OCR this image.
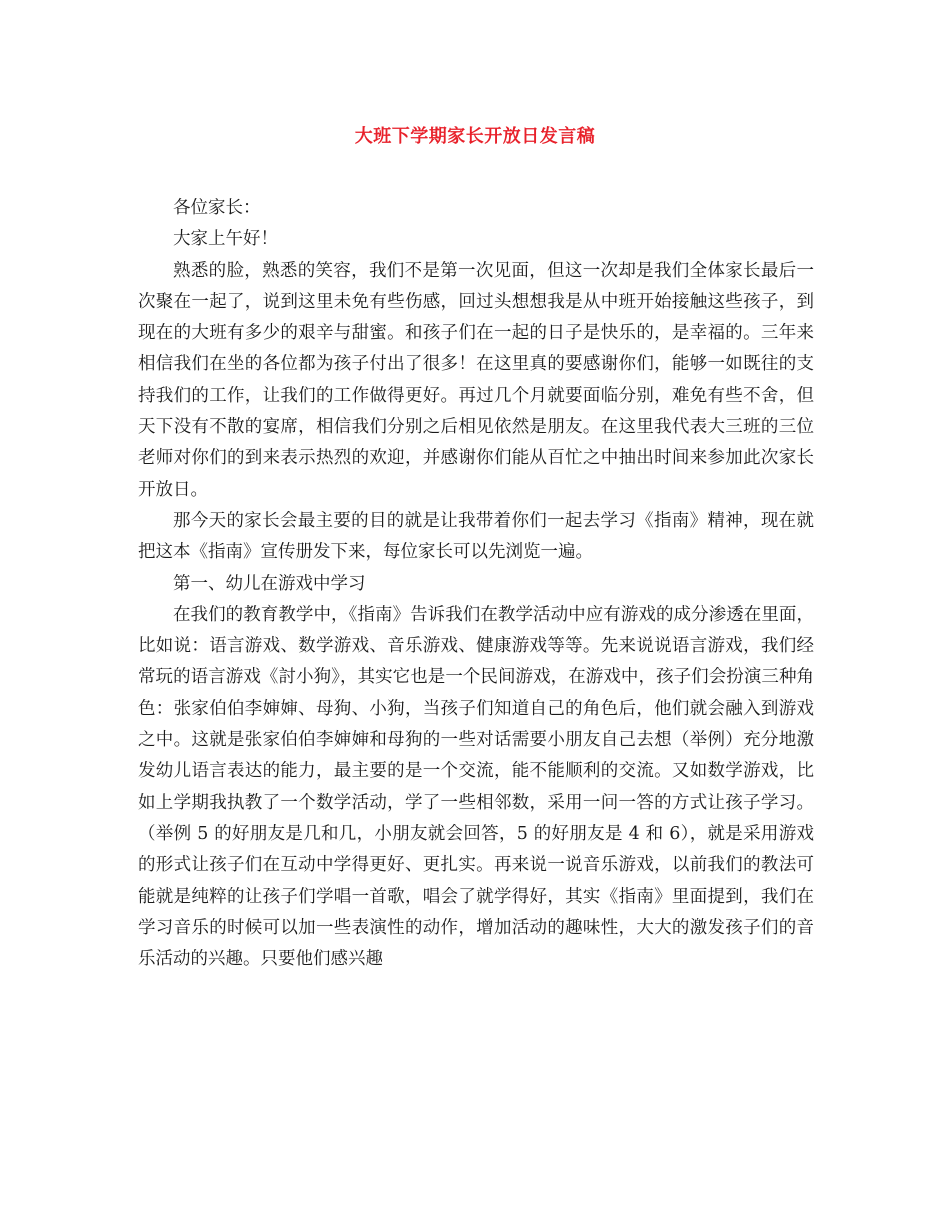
大班下学期家长开放日发言稿

各位家长：

大家上午好！

熟悉的脸，熟悉的笑容，我们不是第一次见面，但这一次却是我们全体家长最后一次聚在一起了，说到这里未免有些伤感，回过头想想我是从中班开始接触这些孩子，到现在的大班有多少的艰辛与甜蜜。和孩子们在一起的日子是快乐的，是幸福的。三年来相信我们在坐的各位都为孩子付出了很多！在这里真的要感谢你们，能够一如既往的支持我们的工作，让我们的工作做得更好。再过几个月就要面临分别，难免有些不舍，但天下没有不散的宴席，相信我们分别之后相见依然是朋友。在这里我代表大三班的三位老师对你们的到来表示热烈的欢迎，并感谢你们能从百忙之中抽出时间来参加此次家长开放日。

那今天的家长会最主要的目的就是让我带着你们一起去学习《指南》精神，现在就把这本《指南》宣传册发下来，每位家长可以先浏览一遍。

第一、幼儿在游戏中学习

在我们的教育教学中，《指南》告诉我们在教学活动中应有游戏的成分渗透在里面，比如说：语言游戏、数学游戏、音乐游戏、健康游戏等等。先来说说语言游戏，我们经常玩的语言游戏《討小狗》，其实它也是一个民间游戏，在游戏中，孩子们会扮演三种角色：张家伯伯李婶婶、母狗、小狗，当孩子们知道自己的角色后，他们就会融入到游戏之中。这就是张家伯伯李婶婶和母狗的一些对话需要小朋友自己去想（举例）充分地激发幼儿语言表达的能力，最主要的是一个交流，能不能顺利的交流。又如数学游戏，比如上学期我执教了一个数学活动，学了一些相邻数，采用一问一答的方式让孩子学习。（举例 5 的好朋友是几和几，小朋友就会回答，5 的好朋友是 4 和 6），就是采用游戏的形式让孩子们在互动中学得更好、更扎实。再来说一说音乐游戏，以前我们的教法可能就是纯粹的让孩子们学唱一首歌，唱会了就学得好，其实《指南》里面提到，我们在学习音乐的时候可以加一些表演性的动作，增加活动的趣味性，大大的激发孩子们的音乐活动的兴趣。只要他们感兴趣
